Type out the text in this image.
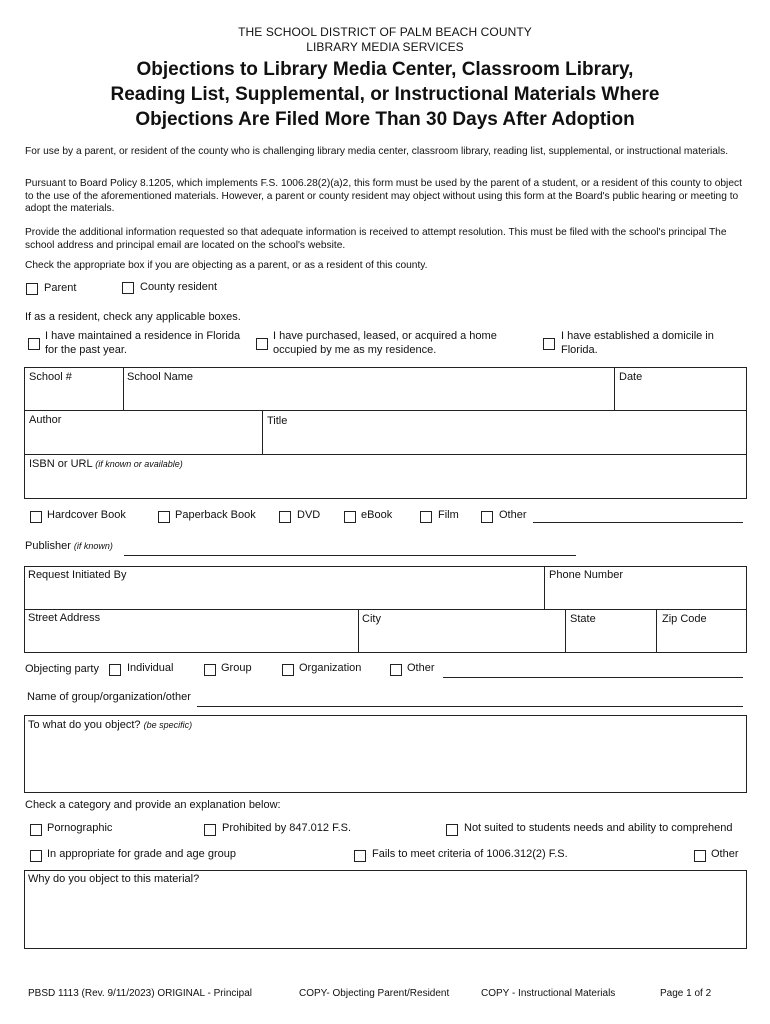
THE SCHOOL DISTRICT OF PALM BEACH COUNTY
LIBRARY MEDIA SERVICES
Objections to Library Media Center, Classroom Library,
Reading List, Supplemental, or Instructional Materials Where
Objections Are Filed More Than 30 Days After Adoption
For use by a parent, or resident of the county who is challenging library media center, classroom library, reading list, supplemental, or instructional materials.
Pursuant to Board Policy 8.1205, which implements F.S. 1006.28(2)(a)2, this form must be used by the parent of a student, or a resident of this county to object to the use of the aforementioned materials. However, a parent or county resident may object without using this form at the Board's public hearing or meeting to adopt the materials.
Provide the additional information requested so that adequate information is received to attempt resolution. This must be filed with the school's principal The school address and principal email are located on the school's website.
Check the appropriate box if you are objecting as a parent, or as a resident of this county.
Parent	County resident
If as a resident, check any applicable boxes.
I have maintained a residence in Florida
for the past year.
I have purchased, leased, or acquired a home
occupied by me as my residence.
I have established a domicile in
Florida.
School #	School Name	Date
Author	Title
ISBN or URL (if known or available)
Hardcover Book	Paperback Book	DVD	eBook	Film	Other
Publisher (if known)
Request Initiated By	Phone Number
Street Address	City	State	Zip Code
Objecting party	Individual	Group	Organization	Other
Name of group/organization/other
To what do you object? (be specific)
Check a category and provide an explanation below:
Pornographic	Prohibited by 847.012 F.S.	Not suited to students needs and ability to comprehend
In appropriate for grade and age group	Fails to meet criteria of 1006.312(2) F.S.	Other
Why do you object to this material?
PBSD 1113 (Rev. 9/11/2023) ORIGINAL - Principal	COPY- Objecting Parent/Resident	COPY - Instructional Materials	Page 1 of 2
